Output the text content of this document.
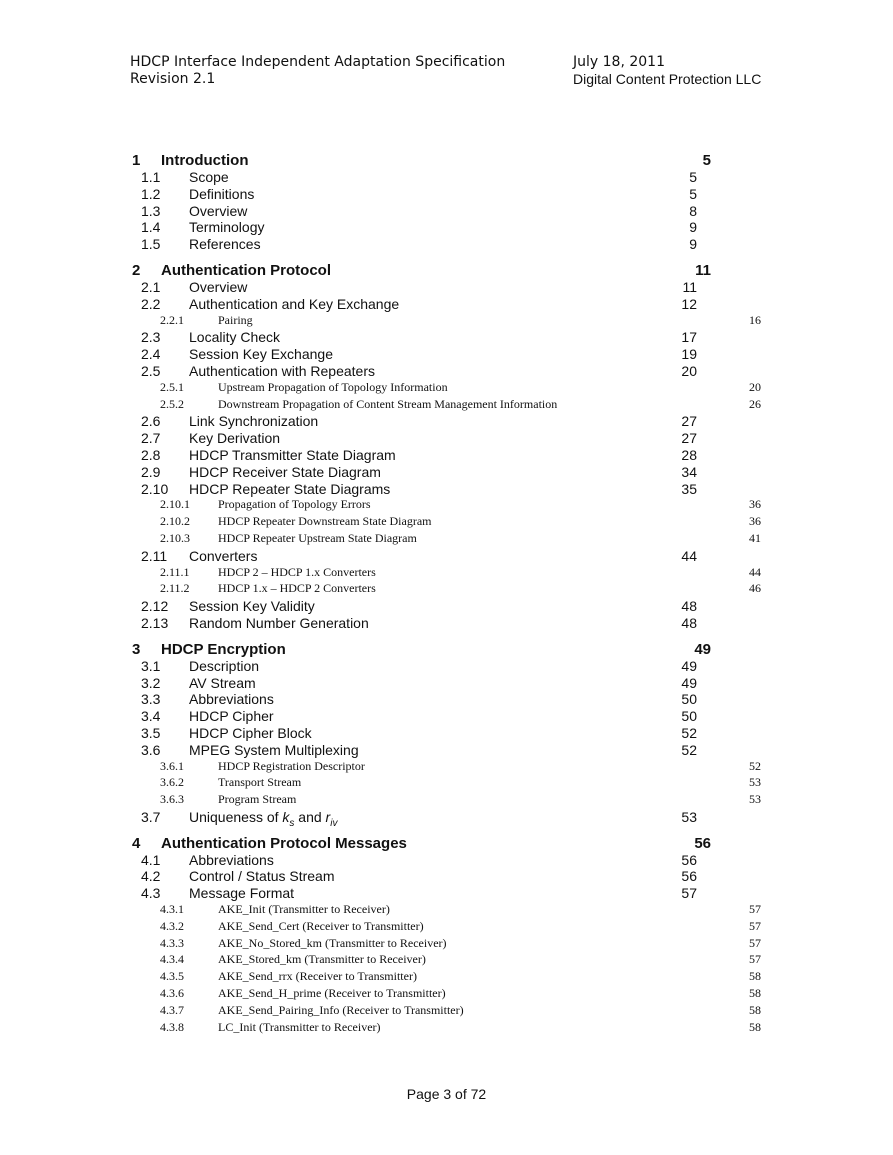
HDCP Interface Independent Adaptation Specification
Revision 2.1
July 18, 2011
Digital Content Protection LLC
1	Introduction	5
1.1	Scope	5
1.2	Definitions	5
1.3	Overview	8
1.4	Terminology	9
1.5	References	9
2	Authentication Protocol	11
2.1	Overview	11
2.2	Authentication and Key Exchange	12
2.2.1	Pairing	16
2.3	Locality Check	17
2.4	Session Key Exchange	19
2.5	Authentication with Repeaters	20
2.5.1	Upstream Propagation of Topology Information	20
2.5.2	Downstream Propagation of Content Stream Management Information	26
2.6	Link Synchronization	27
2.7	Key Derivation	27
2.8	HDCP Transmitter State Diagram	28
2.9	HDCP Receiver State Diagram	34
2.10	HDCP Repeater State Diagrams	35
2.10.1	Propagation of Topology Errors	36
2.10.2	HDCP Repeater Downstream State Diagram	36
2.10.3	HDCP Repeater Upstream State Diagram	41
2.11	Converters	44
2.11.1	HDCP 2 – HDCP 1.x Converters	44
2.11.2	HDCP 1.x – HDCP 2 Converters	46
2.12	Session Key Validity	48
2.13	Random Number Generation	48
3	HDCP Encryption	49
3.1	Description	49
3.2	AV Stream	49
3.3	Abbreviations	50
3.4	HDCP Cipher	50
3.5	HDCP Cipher Block	52
3.6	MPEG System Multiplexing	52
3.6.1	HDCP Registration Descriptor	52
3.6.2	Transport Stream	53
3.6.3	Program Stream	53
3.7	Uniqueness of $k_s$ and $r_{iv}$	53
4	Authentication Protocol Messages	56
4.1	Abbreviations	56
4.2	Control / Status Stream	56
4.3	Message Format	57
4.3.1	AKE_Init (Transmitter to Receiver)	57
4.3.2	AKE_Send_Cert (Receiver to Transmitter)	57
4.3.3	AKE_No_Stored_km (Transmitter to Receiver)	57
4.3.4	AKE_Stored_km (Transmitter to Receiver)	57
4.3.5	AKE_Send_rrx (Receiver to Transmitter)	58
4.3.6	AKE_Send_H_prime (Receiver to Transmitter)	58
4.3.7	AKE_Send_Pairing_Info (Receiver to Transmitter)	58
4.3.8	LC_Init (Transmitter to Receiver)	58
Page 3 of 72
